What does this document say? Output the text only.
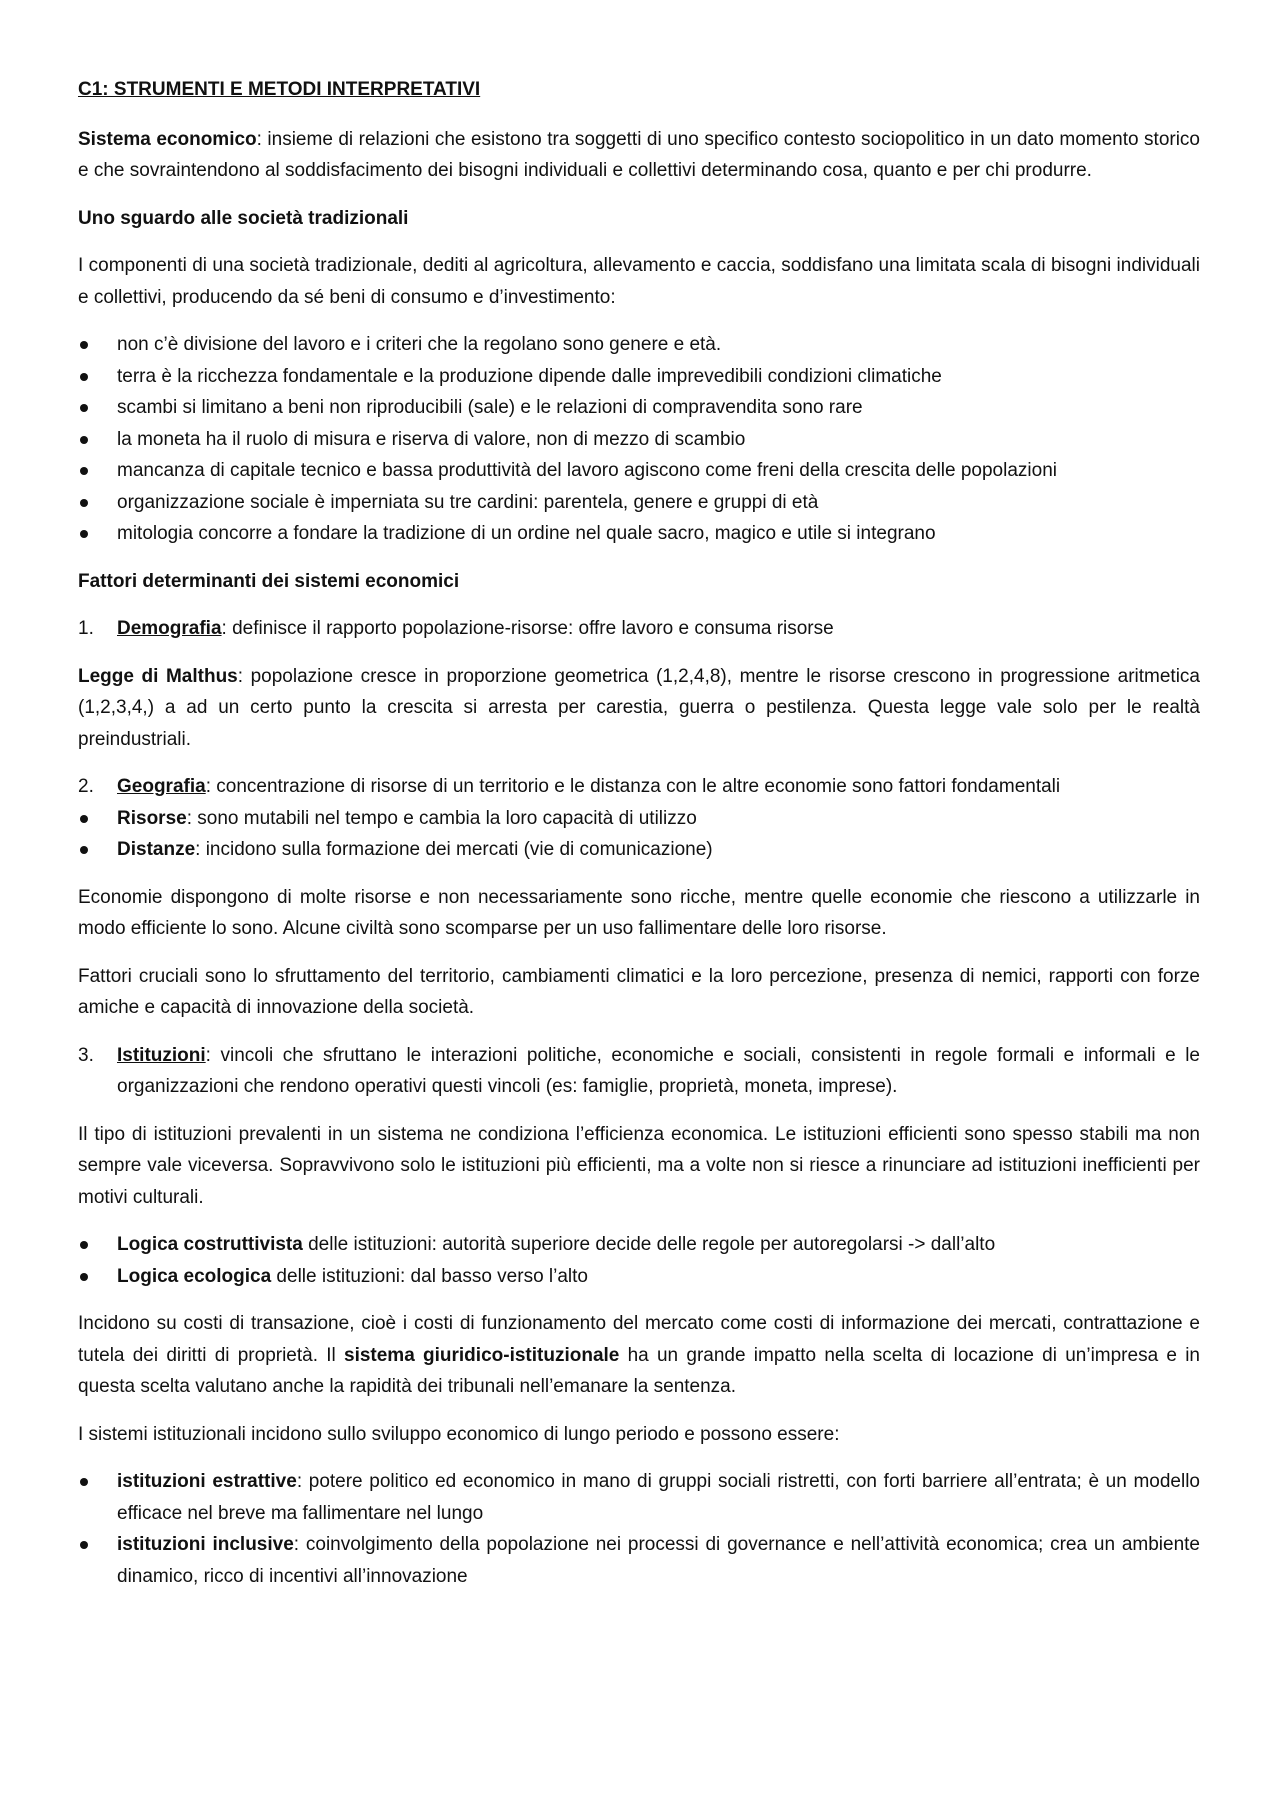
C1: STRUMENTI E METODI INTERPRETATIVI

Sistema economico: insieme di relazioni che esistono tra soggetti di uno specifico contesto sociopolitico in un dato momento storico e che sovraintendono al soddisfacimento dei bisogni individuali e collettivi determinando cosa, quanto e per chi produrre.

Uno sguardo alle società tradizionali

I componenti di una società tradizionale, dediti al agricoltura, allevamento e caccia, soddisfano una limitata scala di bisogni individuali e collettivi, producendo da sé beni di consumo e d’investimento:

non c’è divisione del lavoro e i criteri che la regolano sono genere e età.
terra è la ricchezza fondamentale e la produzione dipende dalle imprevedibili condizioni climatiche
scambi si limitano a beni non riproducibili (sale) e le relazioni di compravendita sono rare
la moneta ha il ruolo di misura e riserva di valore, non di mezzo di scambio
mancanza di capitale tecnico e bassa produttività del lavoro agiscono come freni della crescita delle popolazioni
organizzazione sociale è imperniata su tre cardini: parentela, genere e gruppi di età
mitologia concorre a fondare la tradizione di un ordine nel quale sacro, magico e utile si integrano

Fattori determinanti dei sistemi economici

1. Demografia: definisce il rapporto popolazione-risorse: offre lavoro e consuma risorse

Legge di Malthus: popolazione cresce in proporzione geometrica (1,2,4,8), mentre le risorse crescono in progressione aritmetica (1,2,3,4,) a ad un certo punto la crescita si arresta per carestia, guerra o pestilenza. Questa legge vale solo per le realtà preindustriali.

2. Geografia: concentrazione di risorse di un territorio e le distanza con le altre economie sono fattori fondamentali

Risorse: sono mutabili nel tempo e cambia la loro capacità di utilizzo
Distanze: incidono sulla formazione dei mercati (vie di comunicazione)

Economie dispongono di molte risorse e non necessariamente sono ricche, mentre quelle economie che riescono a utilizzarle in modo efficiente lo sono. Alcune civiltà sono scomparse per un uso fallimentare delle loro risorse.

Fattori cruciali sono lo sfruttamento del territorio, cambiamenti climatici e la loro percezione, presenza di nemici, rapporti con forze amiche e capacità di innovazione della società.

3. Istituzioni: vincoli che sfruttano le interazioni politiche, economiche e sociali, consistenti in regole formali e informali e le organizzazioni che rendono operativi questi vincoli (es: famiglie, proprietà, moneta, imprese).

Il tipo di istituzioni prevalenti in un sistema ne condiziona l’efficienza economica. Le istituzioni efficienti sono spesso stabili ma non sempre vale viceversa. Sopravvivono solo le istituzioni più efficienti, ma a volte non si riesce a rinunciare ad istituzioni inefficienti per motivi culturali.

Logica costruttivista delle istituzioni: autorità superiore decide delle regole per autoregolarsi -> dall’alto
Logica ecologica delle istituzioni: dal basso verso l’alto

Incidono su costi di transazione, cioè i costi di funzionamento del mercato come costi di informazione dei mercati, contrattazione e tutela dei diritti di proprietà. Il sistema giuridico-istituzionale ha un grande impatto nella scelta di locazione di un’impresa e in questa scelta valutano anche la rapidità dei tribunali nell’emanare la sentenza.

I sistemi istituzionali incidono sullo sviluppo economico di lungo periodo e possono essere:

istituzioni estrattive: potere politico ed economico in mano di gruppi sociali ristretti, con forti barriere all’entrata; è un modello efficace nel breve ma fallimentare nel lungo
istituzioni inclusive: coinvolgimento della popolazione nei processi di governance e nell’attività economica; crea un ambiente dinamico, ricco di incentivi all’innovazione
